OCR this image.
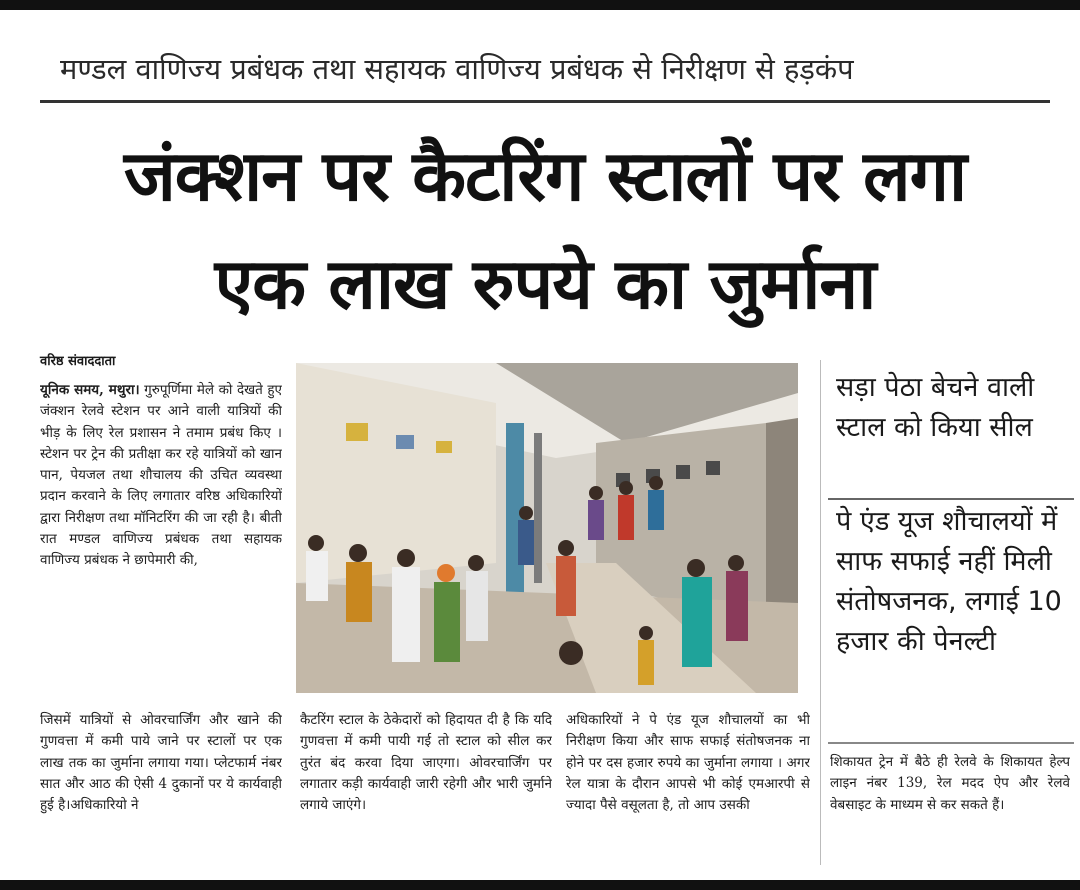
मण्डल वाणिज्य प्रबंधक तथा सहायक वाणिज्य प्रबंधक से निरीक्षण से हड़कंप
जंक्शन पर कैटरिंग स्टालों पर लगा
एक लाख रुपये का जुर्माना
वरिष्ठ संवाददाता
यूनिक समय, मथुरा। गुरुपूर्णिमा मेले को देखते हुए जंक्शन रेलवे स्टेशन पर आने वाली यात्रियों की भीड़ के लिए रेल प्रशासन ने तमाम प्रबंध किए । स्टेशन पर ट्रेन की प्रतीक्षा कर रहे यात्रियों को खान पान, पेयजल तथा शौचालय की उचित व्यवस्था प्रदान करवाने के लिए लगातार वरिष्ठ अधिकारियों द्वारा निरीक्षण तथा मॉनिटरिंग की जा रही है। बीती रात मण्डल वाणिज्य प्रबंधक तथा सहायक वाणिज्य प्रबंधक ने छापेमारी की,
सड़ा पेठा बेचने वाली स्टाल को किया सील
पे एंड यूज शौचालयों में साफ सफाई नहीं मिली संतोषजनक, लगाई 10 हजार की पेनल्टी
जिसमें यात्रियों से ओवरचार्जिंग और खाने की गुणवत्ता में कमी पाये जाने पर स्टालों पर एक लाख तक का जुर्माना लगाया गया। प्लेटफार्म नंबर सात और आठ की ऐसी 4 दुकानों पर ये कार्यवाही हुई है।अधिकारियो ने
कैटरिंग स्टाल के ठेकेदारों को हिदायत दी है कि यदि गुणवत्ता में कमी पायी गई तो स्टाल को सील कर तुरंत बंद करवा दिया जाएगा। ओवरचार्जिंग पर लगातार कड़ी कार्यवाही जारी रहेगी और भारी जुर्माने लगाये जाएंगे।
अधिकारियों ने पे एंड यूज शौचालयों का भी निरीक्षण किया और साफ सफाई संतोषजनक ना होने पर दस हजार रुपये का जुर्माना लगाया । अगर रेल यात्रा के दौरान आपसे भी कोई एमआरपी से ज्यादा पैसे वसूलता है, तो आप उसकी
शिकायत ट्रेन में बैठे ही रेलवे के शिकायत हेल्प लाइन नंबर 139, रेल मदद ऐप और रेलवे वेबसाइट के माध्यम से कर सकते हैं।
